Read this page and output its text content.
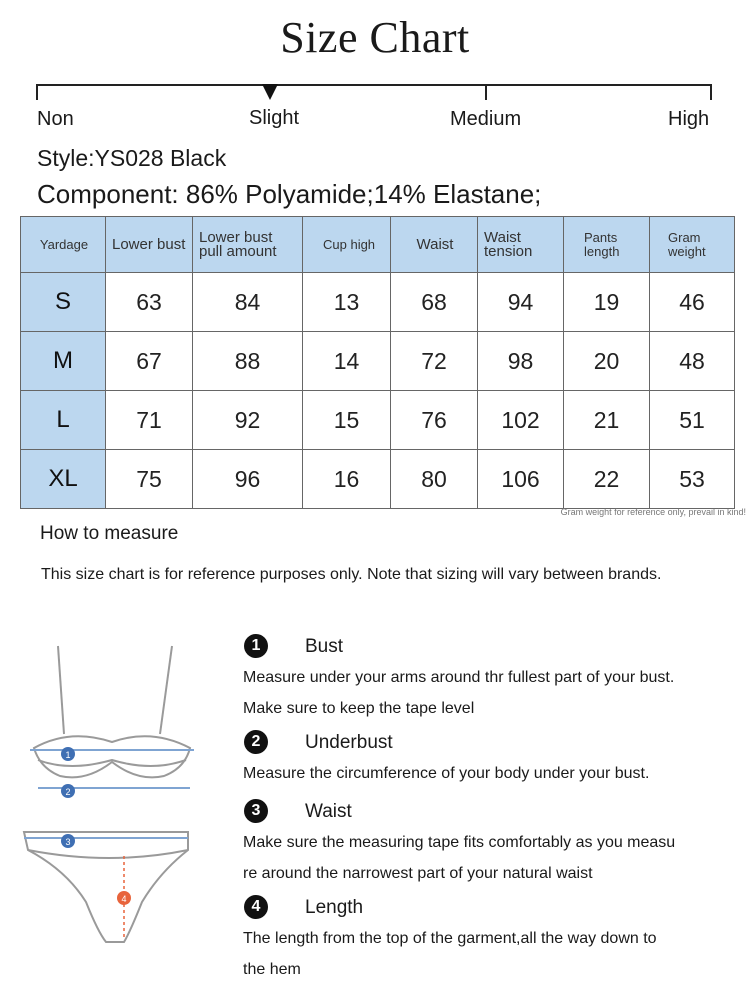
Size Chart
Non	Slight	Medium	High
Style:YS028 Black
Component: 86% Polyamide;14% Elastane;
Yardage	Lower bust	Lower bust pull amount	Cup high	Waist	Waist tension	Pants length	Gram weight
S	63	84	13	68	94	19	46
M	67	88	14	72	98	20	48
L	71	92	15	76	102	21	51
XL	75	96	16	80	106	22	53
Gram weight for reference only, prevail in kind!
How to measure
This size chart is for reference purposes only. Note that sizing will vary between brands.
1
2
3
4
1	Bust
Measure under your arms around thr fullest part of your bust.
Make sure to keep the tape level
2	Underbust
Measure the circumference of your body under your bust.
3	Waist
Make sure the measuring tape fits comfortably as you measu
re around the narrowest part of your natural waist
4	Length
The length from the top of the garment,all the way down to
the hem
